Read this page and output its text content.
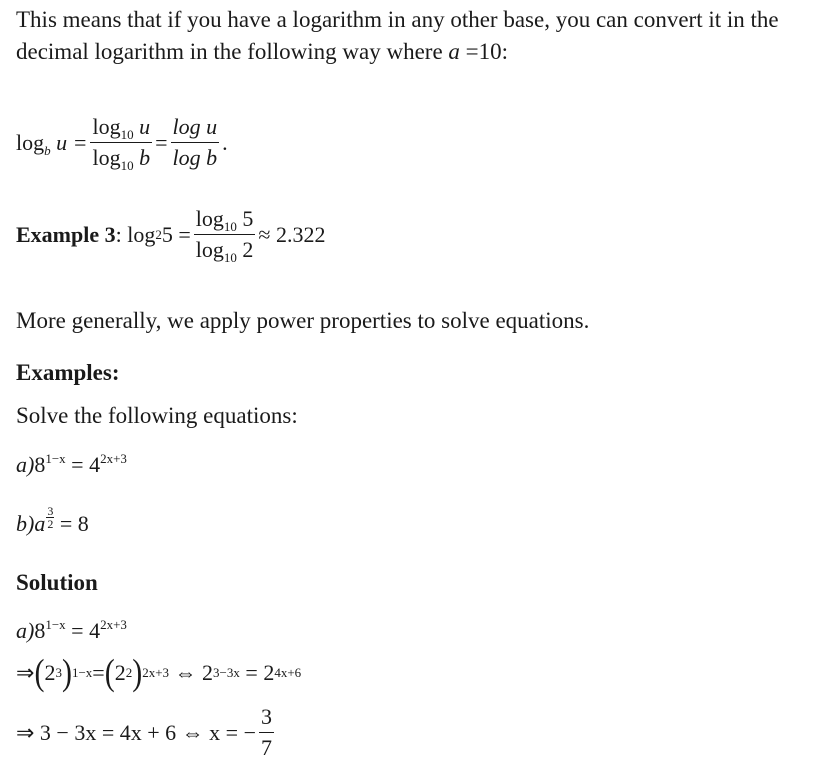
This means that if you have a logarithm in any other base, you can convert it in the decimal logarithm in the following way where a =10:

$\log_b u = \frac{\log_{10} u}{\log_{10} b} = \frac{\text{log u}}{\text{log b}}$ .
Example 3 :
log 2 $5 = \frac{\log_{10} 5}{\log_{10} 2} \approx 2.322$

More generally, we apply power properties to solve equations.

Examples:

Solve the following equations:

$a)8^{1-x} = 4^{2x+3}$
$b)a \frac{3}{2} = 8$

Solution

$a)8^{1-x} = 4^{2x+3}$
⇒ ( 2 3 ) 1−x = ( 2 2 ) 2x+3 ⇔ 2 3−3x = 2 4x+6
⇒ 3 − 3x = 4x + 6 ⇔ x = − $\frac{3}{7}$
